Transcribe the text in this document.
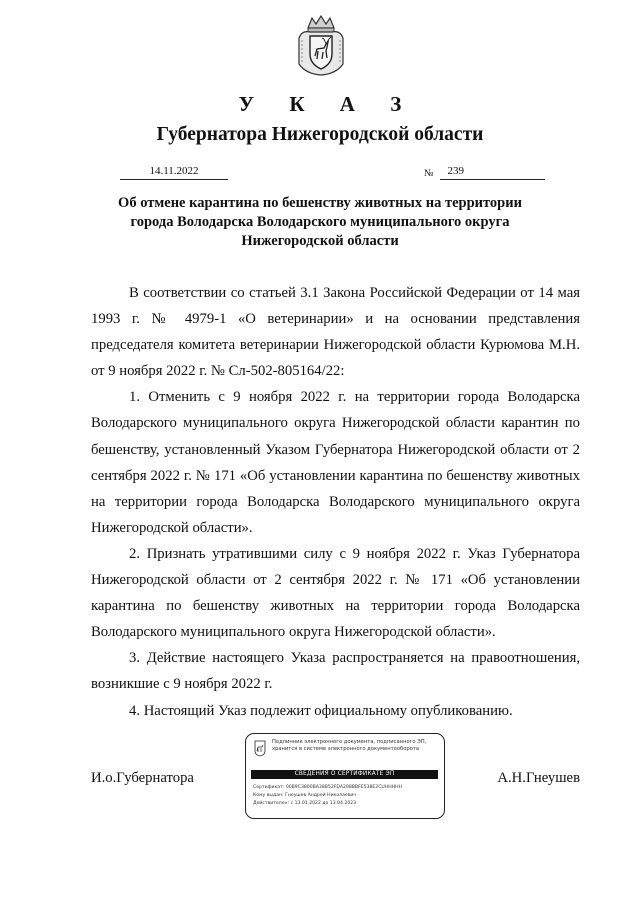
У К А З
Губернатора Нижегородской области
14.11.2022	№	239
Об отмене карантина по бешенству животных на территории города Володарска Володарского муниципального округа Нижегородской области

В соответствии со статьей 3.1 Закона Российской Федерации от 14 мая 1993 г. № 4979-1 «О ветеринарии» и на основании представления председателя комитета ветеринарии Нижегородской области Курюмова М.Н. от 9 ноября 2022 г. № Сл-502-805164/22:

1. Отменить с 9 ноября 2022 г. на территории города Володарска Володарского муниципального округа Нижегородской области карантин по бешенству, установленный Указом Губернатора Нижегородской области от 2 сентября 2022 г. № 171 «Об установлении карантина по бешенству животных на территории города Володарска Володарского муниципального округа Нижегородской области».

2. Признать утратившими силу с 9 ноября 2022 г. Указ Губернатора Нижегородской области от 2 сентября 2022 г. № 171 «Об установлении карантина по бешенству животных на территории города Володарска Володарского муниципального округа Нижегородской области».

3. Действие настоящего Указа распространяется на правоотношения, возникшие с 9 ноября 2022 г.

4. Настоящий Указ подлежит официальному опубликованию.

И.о.Губернатора	А.Н.Гнеушев
Подлинник электронного документа, подписанного ЭП, хранится в системе электронного документооборота
СВЕДЕНИЯ О СЕРТИФИКАТЕ ЭП
Сертификат: 00B9C3800BA38B52FDA208BBFE538E2CUHHHHH
Кому выдан: Гнеушев Андрей Николаевич
Действителен: с 13.01.2022 до 13.04.2023
